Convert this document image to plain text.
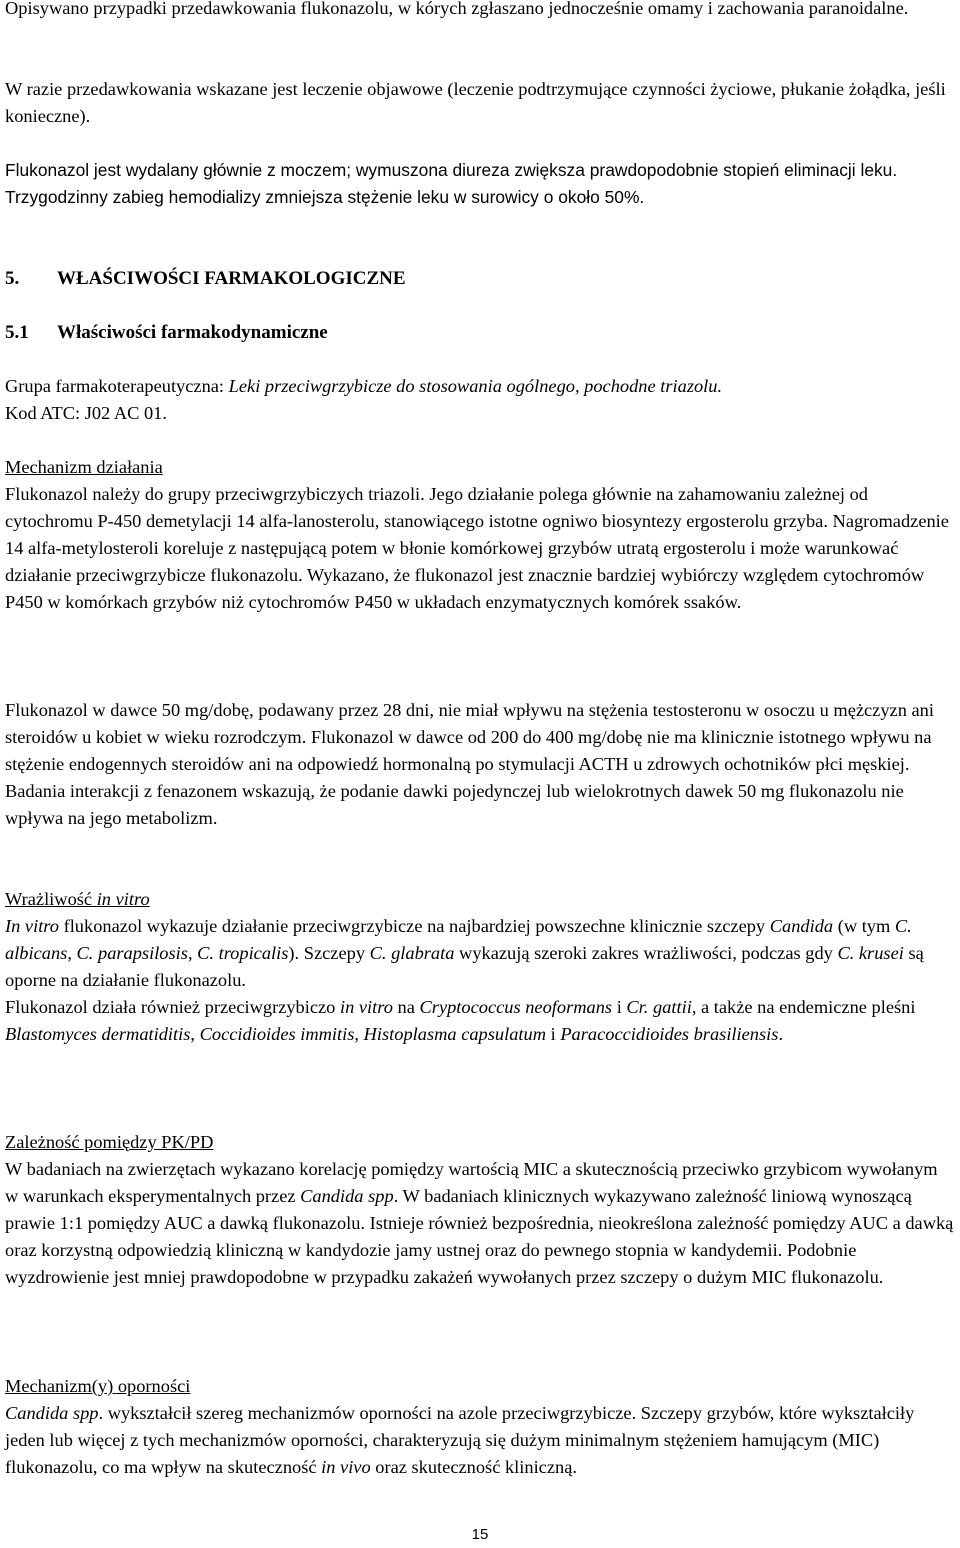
Opisywano przypadki przedawkowania flukonazolu, w kórych zgłaszano jednocześnie omamy i zachowania paranoidalne.

W razie przedawkowania wskazane jest leczenie objawowe (leczenie podtrzymujące czynności życiowe, płukanie żołądka, jeśli konieczne).

Flukonazol jest wydalany głównie z moczem; wymuszona diureza zwiększa prawdopodobnie stopień eliminacji leku. Trzygodzinny zabieg hemodializy zmniejsza stężenie leku w surowicy o około 50%.

5. WŁAŚCIWOŚCI FARMAKOLOGICZNE

5.1 Właściwości farmakodynamiczne

Grupa farmakoterapeutyczna: Leki przeciwgrzybicze do stosowania ogólnego, pochodne triazolu.
Kod ATC: J02 AC 01.

Mechanizm działania

Flukonazol należy do grupy przeciwgrzybiczych triazoli. Jego działanie polega głównie na zahamowaniu zależnej od cytochromu P-450 demetylacji 14 alfa-lanosterolu, stanowiącego istotne ogniwo biosyntezy ergosterolu grzyba. Nagromadzenie 14 alfa-metylosteroli koreluje z następującą potem w błonie komórkowej grzybów utratą ergosterolu i może warunkować działanie przeciwgrzybicze flukonazolu. Wykazano, że flukonazol jest znacznie bardziej wybiórczy względem cytochromów P450 w komórkach grzybów niż cytochromów P450 w układach enzymatycznych komórek ssaków.

Flukonazol w dawce 50 mg/dobę, podawany przez 28 dni, nie miał wpływu na stężenia testosteronu w osoczu u mężczyzn ani steroidów u kobiet w wieku rozrodczym. Flukonazol w dawce od 200 do 400 mg/dobę nie ma klinicznie istotnego wpływu na stężenie endogennych steroidów ani na odpowiedź hormonalną po stymulacji ACTH u zdrowych ochotników płci męskiej. Badania interakcji z fenazonem wskazują, że podanie dawki pojedynczej lub wielokrotnych dawek 50 mg flukonazolu nie wpływa na jego metabolizm.

Wrażliwość in vitro

In vitro flukonazol wykazuje działanie przeciwgrzybicze na najbardziej powszechne klinicznie szczepy Candida (w tym C. albicans, C. parapsilosis, C. tropicalis). Szczepy C. glabrata wykazują szeroki zakres wrażliwości, podczas gdy C. krusei są oporne na działanie flukonazolu.

Flukonazol działa również przeciwgrzybiczo in vitro na Cryptococcus neoformans i Cr. gattii, a także na endemiczne pleśni Blastomyces dermatiditis, Coccidioides immitis, Histoplasma capsulatum i Paracoccidioides brasiliensis.

Zależność pomiędzy PK/PD

W badaniach na zwierzętach wykazano korelację pomiędzy wartością MIC a skutecznością przeciwko grzybicom wywołanym w warunkach eksperymentalnych przez Candida spp. W badaniach klinicznych wykazywano zależność liniową wynoszącą prawie 1:1 pomiędzy AUC a dawką flukonazolu. Istnieje również bezpośrednia, nieokreślona zależność pomiędzy AUC a dawką oraz korzystną odpowiedzią kliniczną w kandydozie jamy ustnej oraz do pewnego stopnia w kandydemii. Podobnie wyzdrowienie jest mniej prawdopodobne w przypadku zakażeń wywołanych przez szczepy o dużym MIC flukonazolu.

Mechanizm(y) oporności

Candida spp. wykształcił szereg mechanizmów oporności na azole przeciwgrzybicze. Szczepy grzybów, które wykształciły jeden lub więcej z tych mechanizmów oporności, charakteryzują się dużym minimalnym stężeniem hamującym (MIC) flukonazolu, co ma wpływ na skuteczność in vivo oraz skuteczność kliniczną.

15
